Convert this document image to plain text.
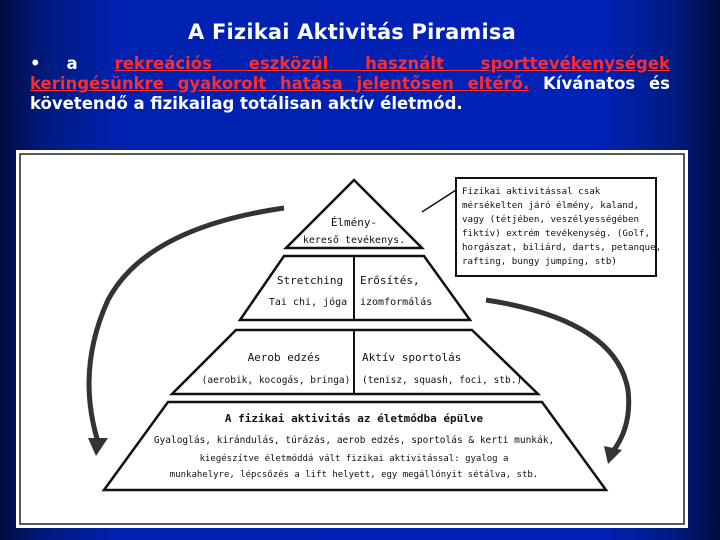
A Fizikai Aktivitás Piramisa
• a rekreációs eszközül használt sporttevékenységek keringésünkre gyakorolt hatása jelentősen eltérő. Kívánatos és követendő a fizikailag totálisan aktív életmód.
Élmény-
kereső tevékenys.
Stretching
Tai chi, jóga
Erősítés,
izomformálás
Aerob edzés
(aerobik, kocogás, bringa)
Aktív sportolás
(tenisz, squash, foci, stb.)
A fizikai aktivitás az életmódba épülve
Gyaloglás, kirándulás, túrázás, aerob edzés, sportolás & kerti munkák,
kiegészítve életmóddá vált fizikai aktivitással: gyalog a
munkahelyre, lépcsőzés a lift helyett, egy megállónyit sétálva, stb.
Fizikai aktivitással csak
mérsékelten járó élmény, kaland,
vagy (tétjében, veszélyességében
fiktív) extrém tevékenység. (Golf,
horgászat, biliárd, darts, petanque,
rafting, bungy jumping, stb)
